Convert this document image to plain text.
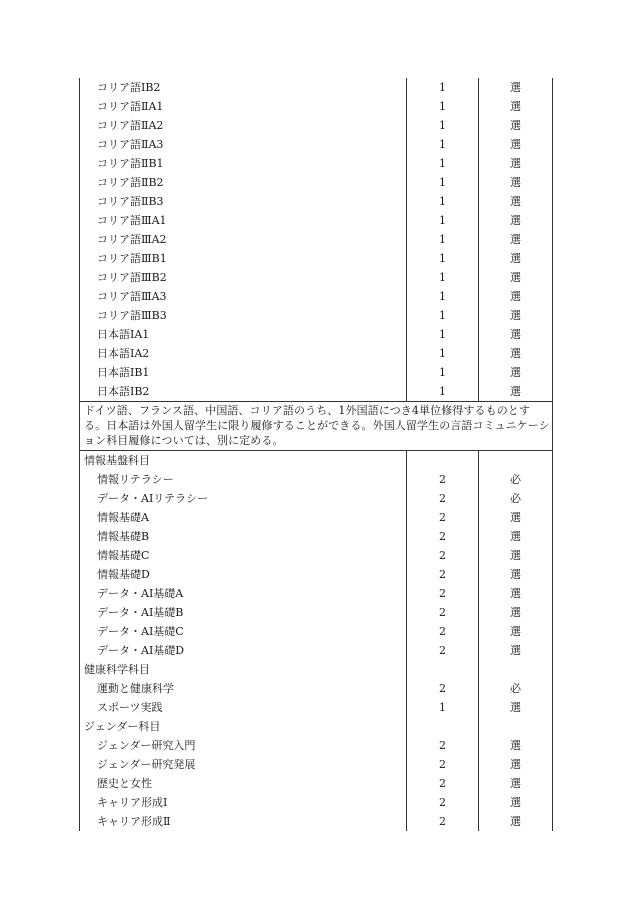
コリア語ⅠB2	1	選
コリア語ⅡA1	1	選
コリア語ⅡA2	1	選
コリア語ⅡA3	1	選
コリア語ⅡB1	1	選
コリア語ⅡB2	1	選
コリア語ⅡB3	1	選
コリア語ⅢA1	1	選
コリア語ⅢA2	1	選
コリア語ⅢB1	1	選
コリア語ⅢB2	1	選
コリア語ⅢA3	1	選
コリア語ⅢB3	1	選
日本語ⅠA1	1	選
日本語ⅠA2	1	選
日本語ⅠB1	1	選
日本語ⅠB2	1	選
ドイツ語、フランス語、中国語、コリア語のうち、1外国語につき4単位修得するものとする。日本語は外国人留学生に限り履修することができる。外国人留学生の言語コミュニケーション科目履修については、別に定める。		
情報基盤科目		
情報リテラシー	2	必
データ・AIリテラシー	2	必
情報基礎A	2	選
情報基礎B	2	選
情報基礎C	2	選
情報基礎D	2	選
データ・AI基礎A	2	選
データ・AI基礎B	2	選
データ・AI基礎C	2	選
データ・AI基礎D	2	選
健康科学科目		
運動と健康科学	2	必
スポーツ実践	1	選
ジェンダー科目		
ジェンダー研究入門	2	選
ジェンダー研究発展	2	選
歴史と女性	2	選
キャリア形成Ⅰ	2	選
キャリア形成Ⅱ	2	選
